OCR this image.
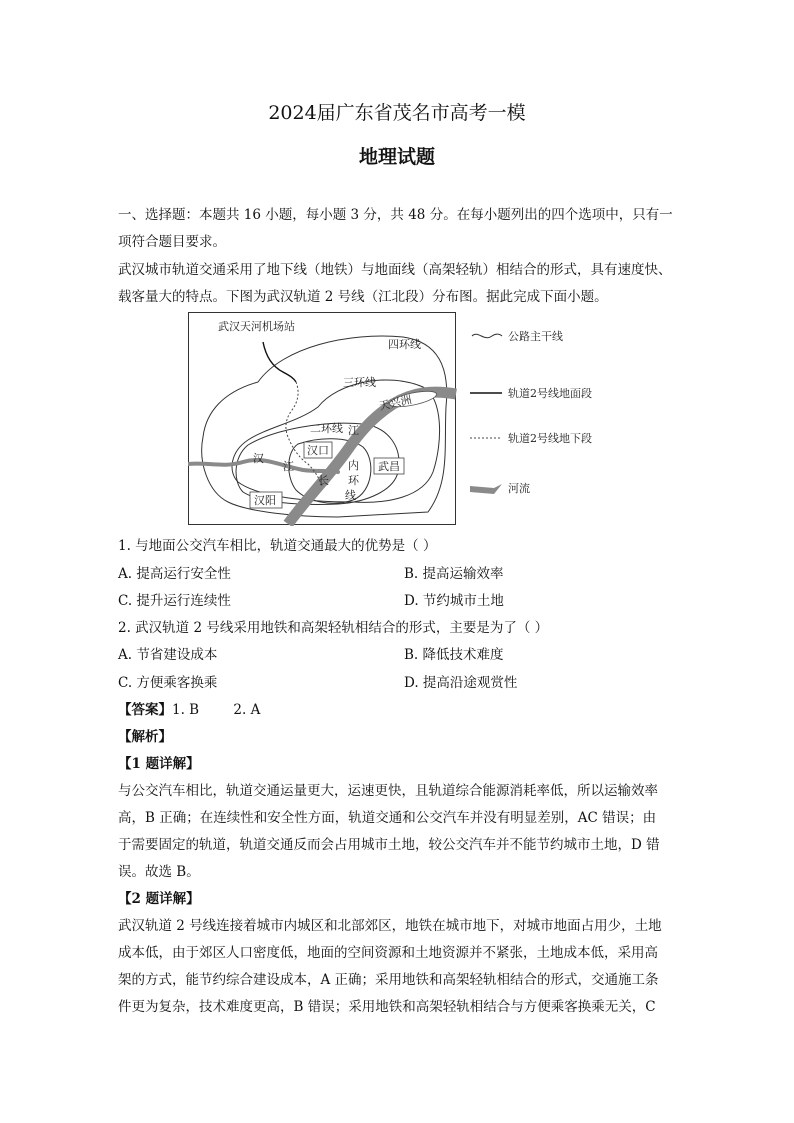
2024届广东省茂名市高考一模
地理试题
一、选择题：本题共 16 小题，每小题 3 分，共 48 分。在每小题列出的四个选项中，只有一
项符合题目要求。
武汉城市轨道交通采用了地下线（地铁）与地面线（高架轻轨）相结合的形式，具有速度快、
载客量大的特点。下图为武汉轨道 2 号线（江北段）分布图。据此完成下面小题。
武汉天河机场站
四环线
三环线
二环线
天兴洲
汉口
汉
江
江
长
内
环
线
武昌
汉阳
公路主干线
轨道2号线地面段
轨道2号线地下段
河流
1. 与地面公交汽车相比，轨道交通最大的优势是（ ）
A. 提高运行安全性	B. 提高运输效率
C. 提升运行连续性	D. 节约城市土地
2. 武汉轨道 2 号线采用地铁和高架轻轨相结合的形式，主要是为了（ ）
A. 节省建设成本	B. 降低技术难度
C. 方便乘客换乘	D. 提高沿途观赏性
【答案】1. B        2. A
【解析】
【1 题详解】
与公交汽车相比，轨道交通运量更大，运速更快，且轨道综合能源消耗率低，所以运输效率
高，B 正确；在连续性和安全性方面，轨道交通和公交汽车并没有明显差别，AC 错误；由
于需要固定的轨道，轨道交通反而会占用城市土地，较公交汽车并不能节约城市土地，D 错
误。故选 B。
【2 题详解】
武汉轨道 2 号线连接着城市内城区和北部郊区，地铁在城市地下，对城市地面占用少，土地
成本低，由于郊区人口密度低，地面的空间资源和土地资源并不紧张，土地成本低，采用高
架的方式，能节约综合建设成本，A 正确；采用地铁和高架轻轨相结合的形式，交通施工条
件更为复杂，技术难度更高，B 错误；采用地铁和高架轻轨相结合与方便乘客换乘无关，C
